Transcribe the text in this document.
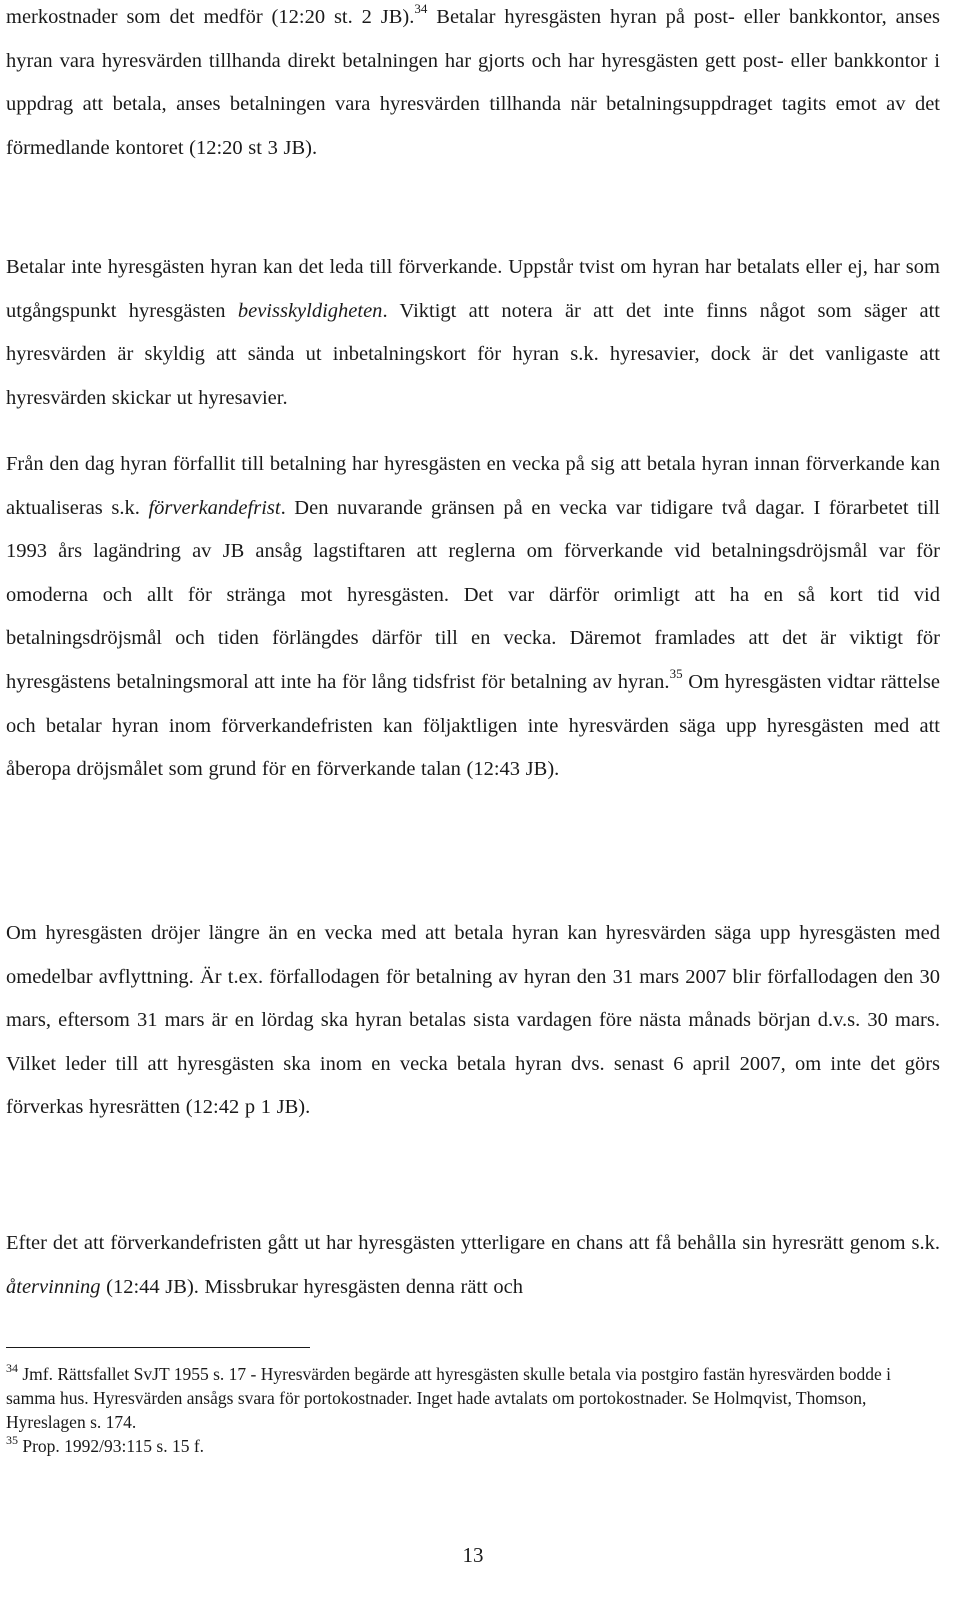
merkostnader som det medför (12:20 st. 2 JB).$^{34}$ Betalar hyresgästen hyran på post- eller bankkontor, anses hyran vara hyresvärden tillhanda direkt betalningen har gjorts och har hyresgästen gett post- eller bankkontor i uppdrag att betala, anses betalningen vara hyresvärden tillhanda när betalningsuppdraget tagits emot av det förmedlande kontoret (12:20 st 3 JB).

Betalar inte hyresgästen hyran kan det leda till förverkande. Uppstår tvist om hyran har betalats eller ej, har som utgångspunkt hyresgästen bevisskyldigheten. Viktigt att notera är att det inte finns något som säger att hyresvärden är skyldig att sända ut inbetalningskort för hyran s.k. hyresavier, dock är det vanligaste att hyresvärden skickar ut hyresavier.

Från den dag hyran förfallit till betalning har hyresgästen en vecka på sig att betala hyran innan förverkande kan aktualiseras s.k. förverkandefrist. Den nuvarande gränsen på en vecka var tidigare två dagar. I förarbetet till 1993 års lagändring av JB ansåg lagstiftaren att reglerna om förverkande vid betalningsdröjsmål var för omoderna och allt för stränga mot hyresgästen. Det var därför orimligt att ha en så kort tid vid betalningsdröjsmål och tiden förlängdes därför till en vecka. Däremot framlades att det är viktigt för hyresgästens betalningsmoral att inte ha för lång tidsfrist för betalning av hyran.$^{35}$ Om hyresgästen vidtar rättelse och betalar hyran inom förverkandefristen kan följaktligen inte hyresvärden säga upp hyresgästen med att åberopa dröjsmålet som grund för en förverkande talan (12:43 JB).

Om hyresgästen dröjer längre än en vecka med att betala hyran kan hyresvärden säga upp hyresgästen med omedelbar avflyttning. Är t.ex. förfallodagen för betalning av hyran den 31 mars 2007 blir förfallodagen den 30 mars, eftersom 31 mars är en lördag ska hyran betalas sista vardagen före nästa månads början d.v.s. 30 mars. Vilket leder till att hyresgästen ska inom en vecka betala hyran dvs. senast 6 april 2007, om inte det görs förverkas hyresrätten (12:42 p 1 JB).

Efter det att förverkandefristen gått ut har hyresgästen ytterligare en chans att få behålla sin hyresrätt genom s.k. återvinning (12:44 JB). Missbrukar hyresgästen denna rätt och

$^{34}$ Jmf. Rättsfallet SvJT 1955 s. 17 - Hyresvärden begärde att hyresgästen skulle betala via postgiro fastän hyresvärden bodde i samma hus. Hyresvärden ansågs svara för portokostnader. Inget hade avtalats om portokostnader. Se Holmqvist, Thomson, Hyreslagen s. 174.

$^{35}$ Prop. 1992/93:115 s. 15 f.

13
